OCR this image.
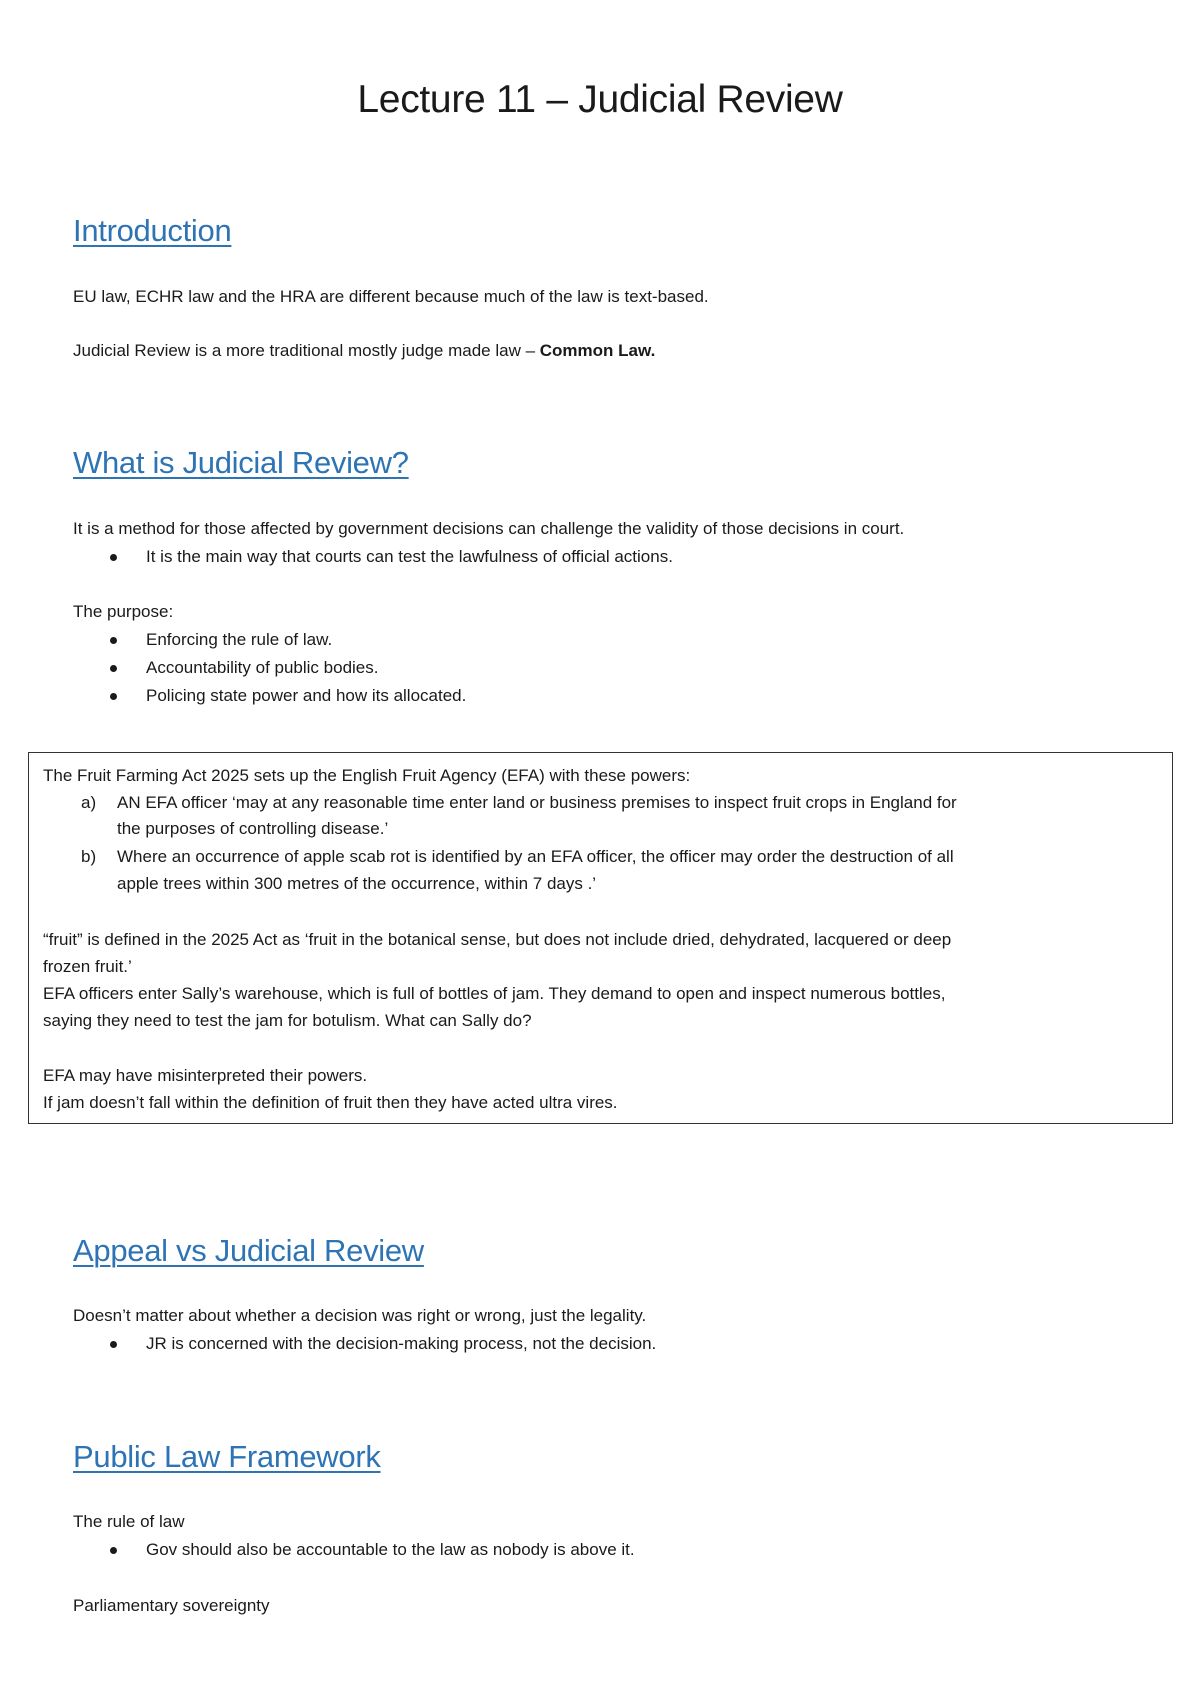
Lecture 11 – Judicial Review
Introduction
EU law, ECHR law and the HRA are different because much of the law is text-based.
Judicial Review is a more traditional mostly judge made law – Common Law.
What is Judicial Review?
It is a method for those affected by government decisions can challenge the validity of those decisions in court.
It is the main way that courts can test the lawfulness of official actions.
The purpose:
Enforcing the rule of law.
Accountability of public bodies.
Policing state power and how its allocated.
The Fruit Farming Act 2025 sets up the English Fruit Agency (EFA) with these powers:
a) AN EFA officer ‘may at any reasonable time enter land or business premises to inspect fruit crops in England for
the purposes of controlling disease.’
b) Where an occurrence of apple scab rot is identified by an EFA officer, the officer may order the destruction of all
apple trees within 300 metres of the occurrence, within 7 days .’
“fruit” is defined in the 2025 Act as ‘fruit in the botanical sense, but does not include dried, dehydrated, lacquered or deep
frozen fruit.’
EFA officers enter Sally’s warehouse, which is full of bottles of jam. They demand to open and inspect numerous bottles,
saying they need to test the jam for botulism. What can Sally do?
EFA may have misinterpreted their powers.
If jam doesn’t fall within the definition of fruit then they have acted ultra vires.
Appeal vs Judicial Review
Doesn’t matter about whether a decision was right or wrong, just the legality.
JR is concerned with the decision-making process, not the decision.
Public Law Framework
The rule of law
Gov should also be accountable to the law as nobody is above it.
Parliamentary sovereignty
